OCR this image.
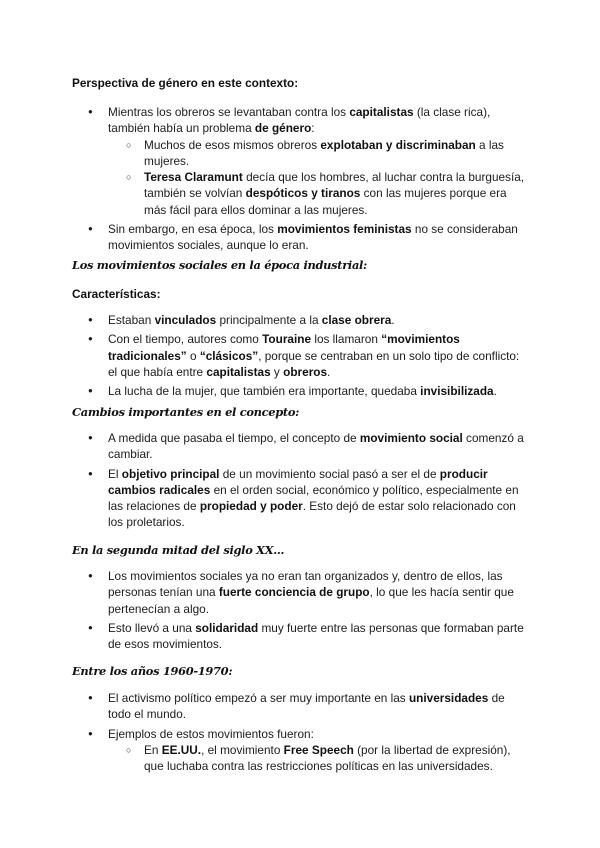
Perspectiva de género en este contexto:
● Mientras los obreros se levantaban contra los capitalistas (la clase rica), también había un problema de género:
○ Muchos de esos mismos obreros explotaban y discriminaban a las mujeres.
○ Teresa Claramunt decía que los hombres, al luchar contra la burguesía, también se volvían despóticos y tiranos con las mujeres porque era más fácil para ellos dominar a las mujeres.
● Sin embargo, en esa época, los movimientos feministas no se consideraban movimientos sociales, aunque lo eran.
Los movimientos sociales en la época industrial:
Características:
● Estaban vinculados principalmente a la clase obrera.
● Con el tiempo, autores como Touraine los llamaron “movimientos tradicionales” o “clásicos”, porque se centraban en un solo tipo de conflicto: el que había entre capitalistas y obreros.
● La lucha de la mujer, que también era importante, quedaba invisibilizada.
Cambios importantes en el concepto:
● A medida que pasaba el tiempo, el concepto de movimiento social comenzó a cambiar.
● El objetivo principal de un movimiento social pasó a ser el de producir cambios radicales en el orden social, económico y político, especialmente en las relaciones de propiedad y poder. Esto dejó de estar solo relacionado con los proletarios.
En la segunda mitad del siglo XX...
● Los movimientos sociales ya no eran tan organizados y, dentro de ellos, las personas tenían una fuerte conciencia de grupo, lo que les hacía sentir que pertenecían a algo.
● Esto llevó a una solidaridad muy fuerte entre las personas que formaban parte de esos movimientos.
Entre los años 1960-1970:
● El activismo político empezó a ser muy importante en las universidades de todo el mundo.
● Ejemplos de estos movimientos fueron:
○ En EE.UU., el movimiento Free Speech (por la libertad de expresión), que luchaba contra las restricciones políticas en las universidades.
